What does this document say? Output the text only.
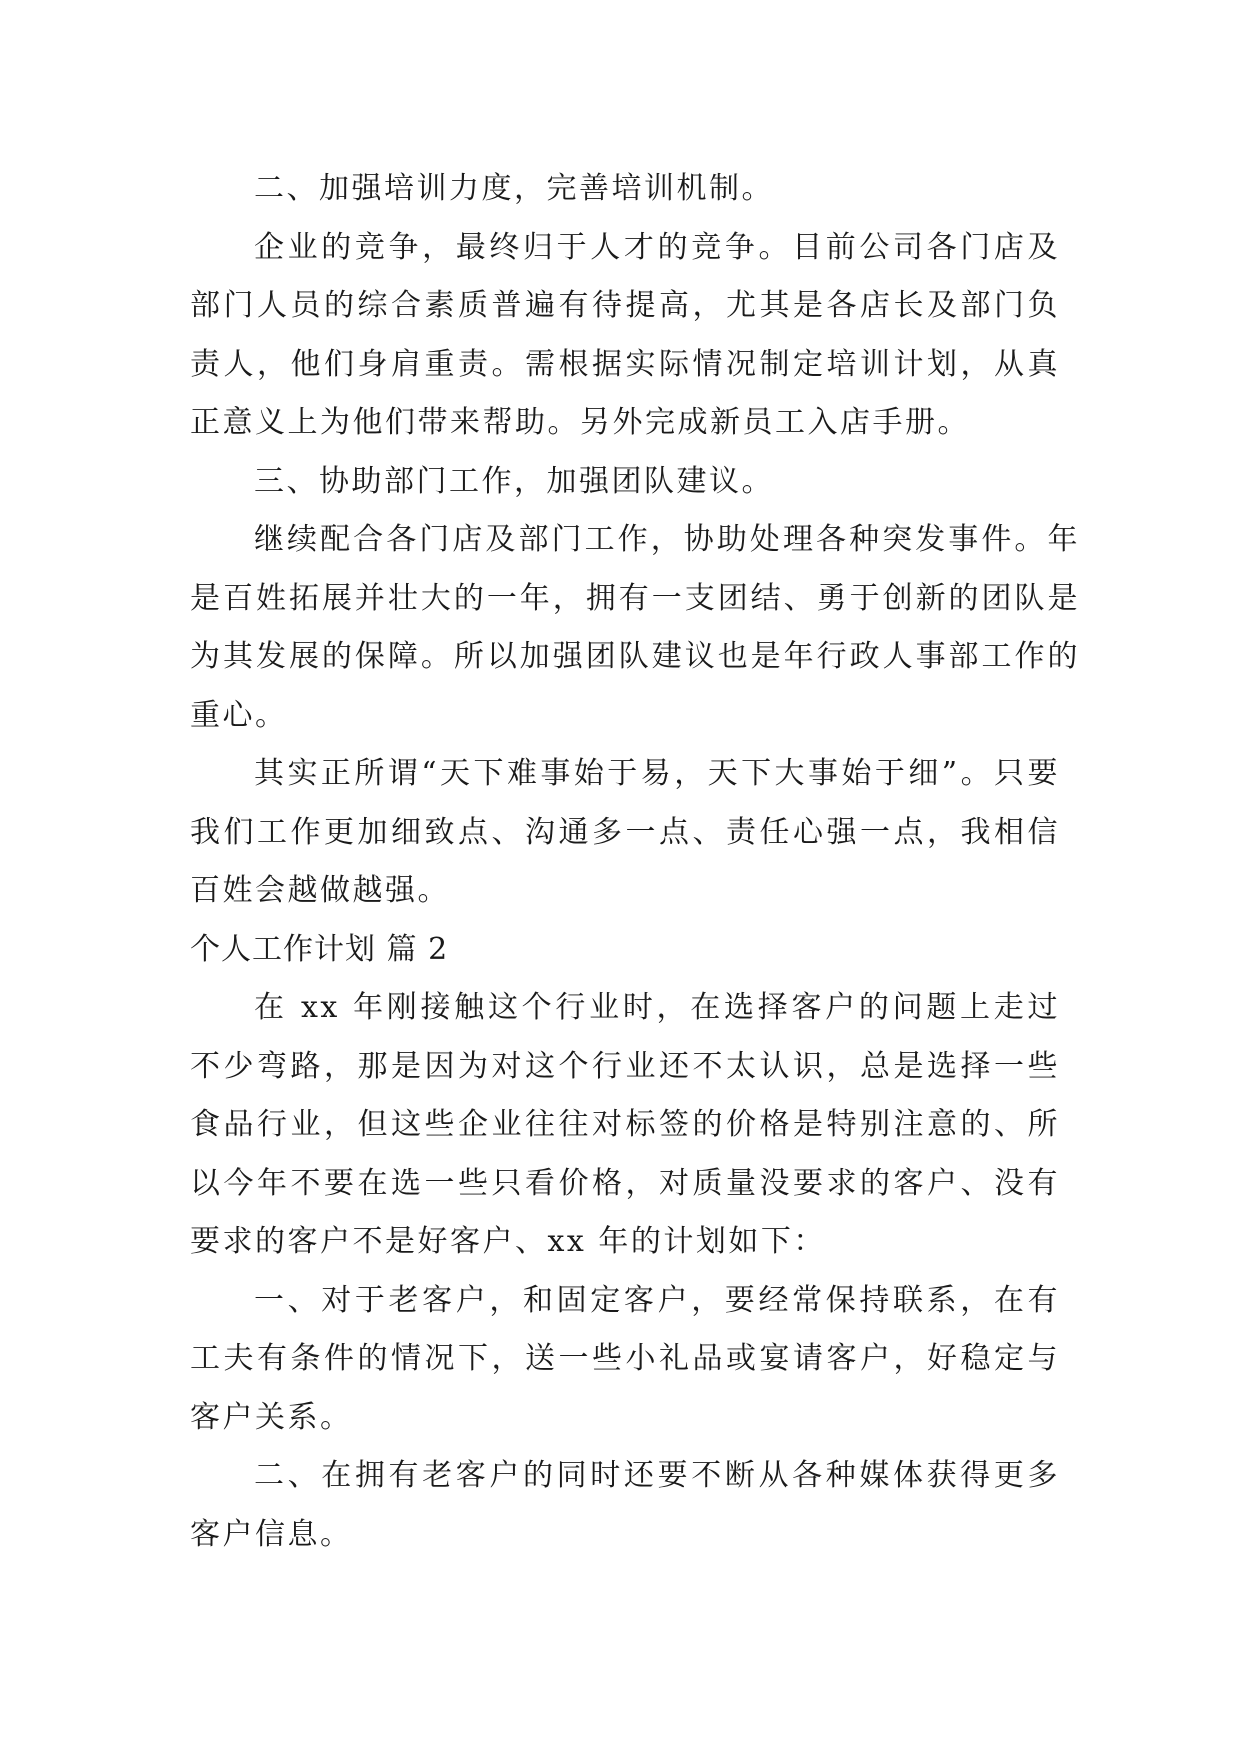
二、加强培训力度，完善培训机制。

企业的竞争，最终归于人才的竞争。目前公司各门店及部门人员的综合素质普遍有待提高，尤其是各店长及部门负责人，他们身肩重责。需根据实际情况制定培训计划，从真正意义上为他们带来帮助。另外完成新员工入店手册。

三、协助部门工作，加强团队建议。

继续配合各门店及部门工作，协助处理各种突发事件。年是百姓拓展并壮大的一年，拥有一支团结、勇于创新的团队是为其发展的保障。所以加强团队建议也是年行政人事部工作的重心。

其实正所谓“天下难事始于易，天下大事始于细”。只要我们工作更加细致点、沟通多一点、责任心强一点，我相信百姓会越做越强。

个人工作计划 篇 2

在 xx 年刚接触这个行业时，在选择客户的问题上走过不少弯路，那是因为对这个行业还不太认识，总是选择一些食品行业，但这些企业往往对标签的价格是特别注意的、所以今年不要在选一些只看价格，对质量没要求的客户、没有要求的客户不是好客户、xx 年的计划如下：

一、对于老客户，和固定客户，要经常保持联系，在有工夫有条件的情况下，送一些小礼品或宴请客户，好稳定与客户关系。

二、在拥有老客户的同时还要不断从各种媒体获得更多客户信息。
